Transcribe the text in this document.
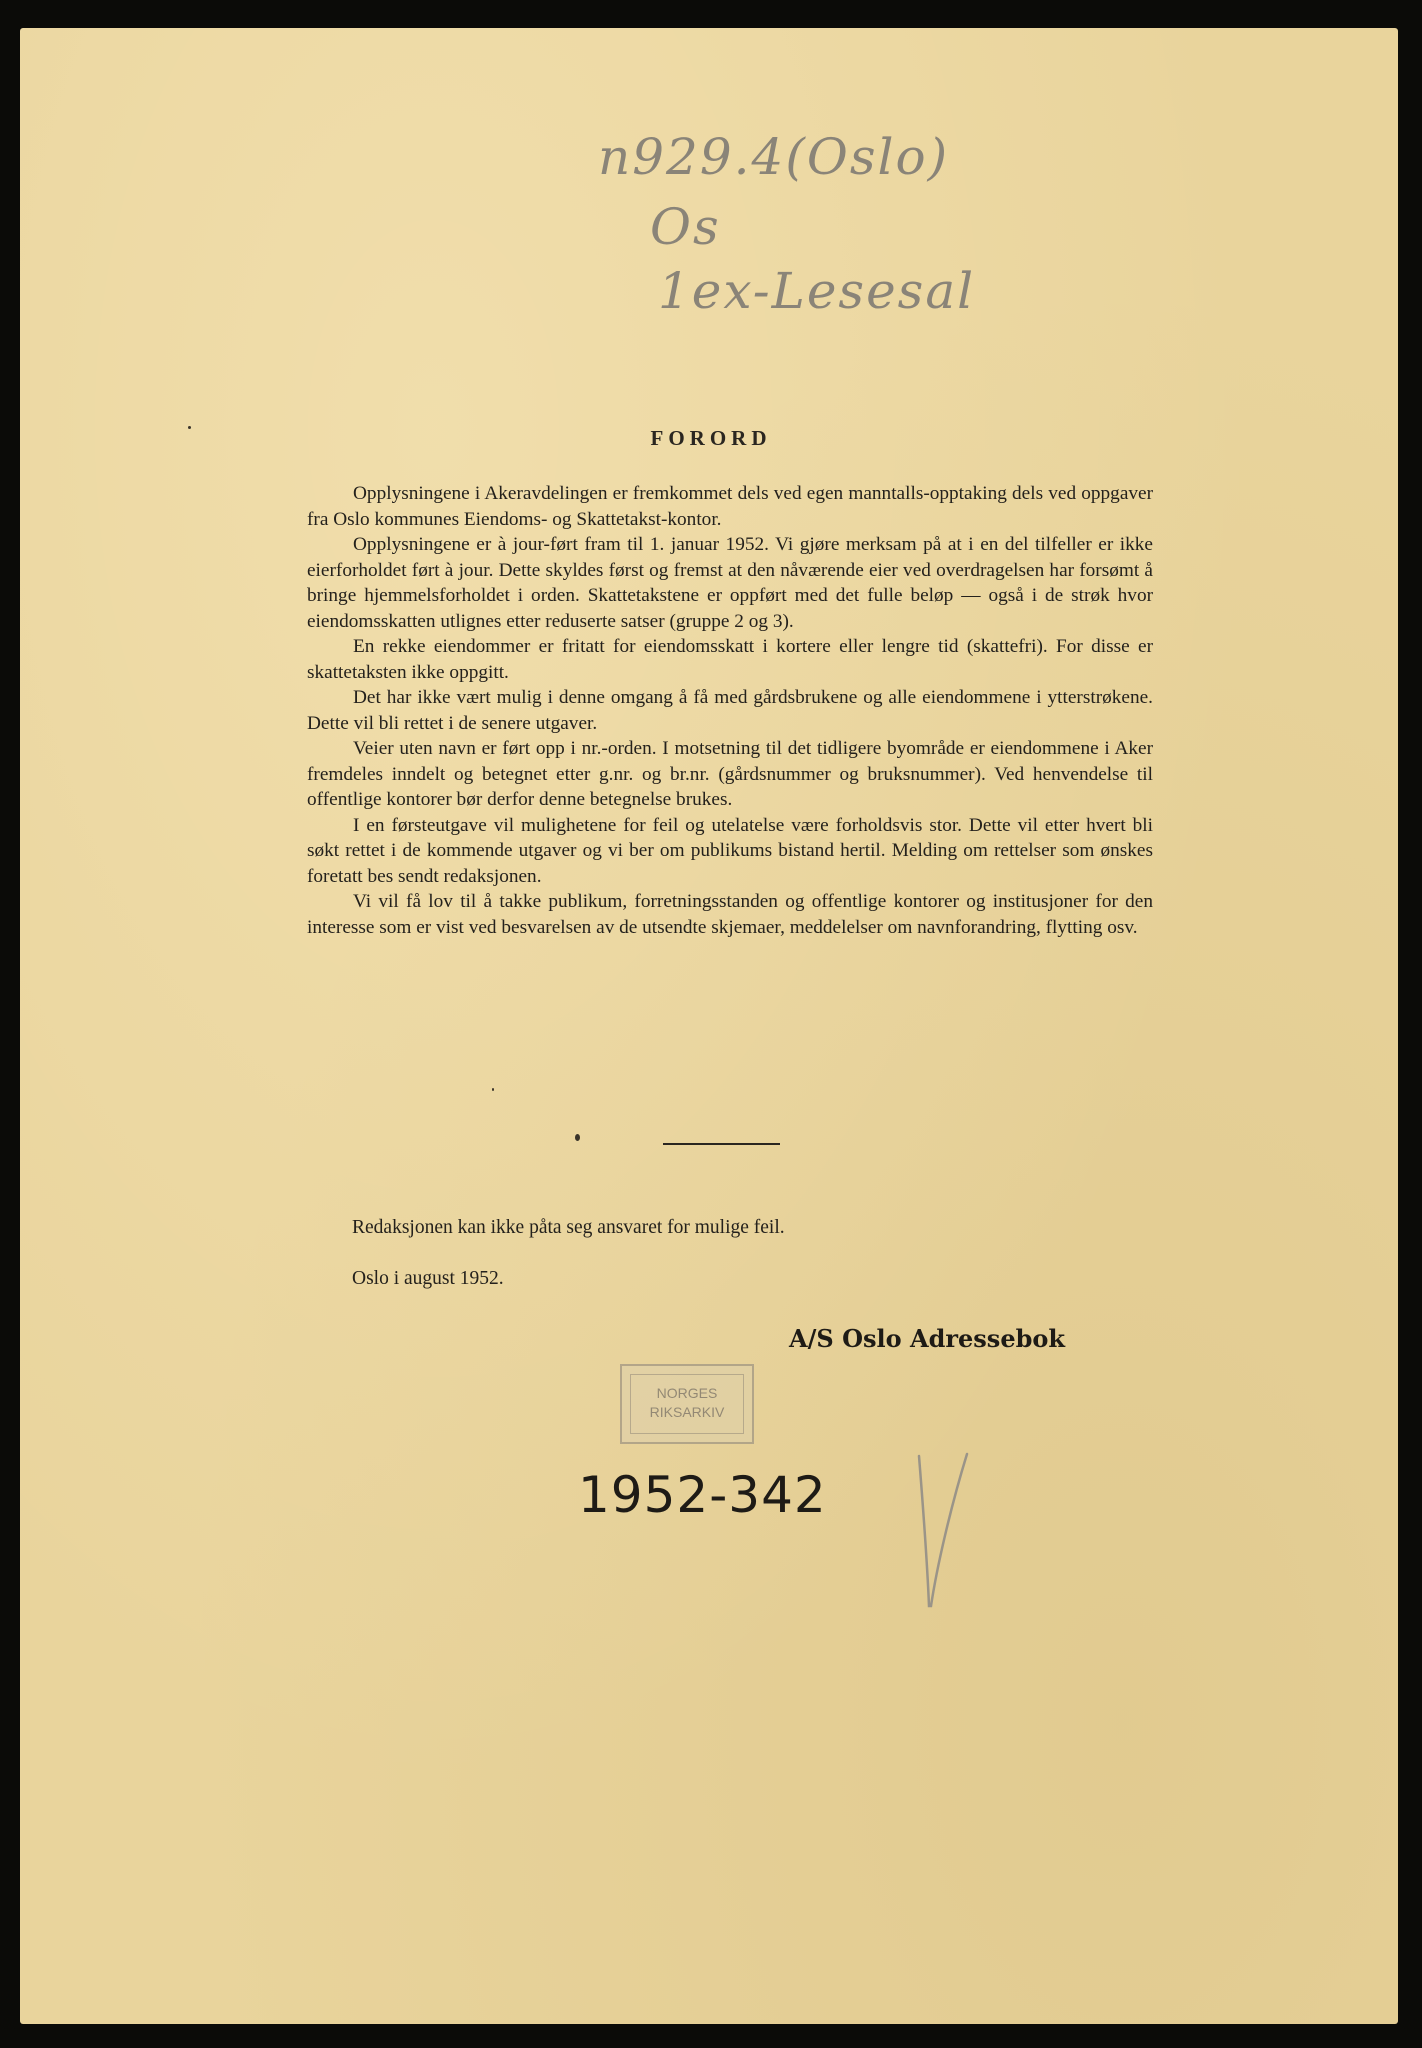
n929.4(Oslo)
Os
1ex-Lesesal
FORORD

Opplysningene i Akeravdelingen er fremkommet dels ved egen manntalls-opptaking dels ved oppgaver fra Oslo kommunes Eiendoms- og Skattetakst-kontor.

Opplysningene er à jour-ført fram til 1. januar 1952. Vi gjøre merksam på at i en del tilfeller er ikke eierforholdet ført à jour. Dette skyldes først og fremst at den nåværende eier ved overdragelsen har forsømt å bringe hjemmelsforholdet i orden. Skattetakstene er oppført med det fulle beløp — også i de strøk hvor eiendomsskatten utlignes etter reduserte satser (gruppe 2 og 3).

En rekke eiendommer er fritatt for eiendomsskatt i kortere eller lengre tid (skattefri). For disse er skattetaksten ikke oppgitt.

Det har ikke vært mulig i denne omgang å få med gårdsbrukene og alle eiendommene i ytterstrøkene. Dette vil bli rettet i de senere utgaver.

Veier uten navn er ført opp i nr.-orden. I motsetning til det tidligere byområde er eiendommene i Aker fremdeles inndelt og betegnet etter g.nr. og br.nr. (gårdsnummer og bruksnummer). Ved henvendelse til offentlige kontorer bør derfor denne betegnelse brukes.

I en førsteutgave vil mulighetene for feil og utelatelse være forholdsvis stor. Dette vil etter hvert bli søkt rettet i de kommende utgaver og vi ber om publikums bistand hertil. Melding om rettelser som ønskes foretatt bes sendt redaksjonen.

Vi vil få lov til å takke publikum, forretningsstanden og offentlige kontorer og institusjoner for den interesse som er vist ved besvarelsen av de utsendte skjemaer, meddelelser om navnforandring, flytting osv.

Redaksjonen kan ikke påta seg ansvaret for mulige feil.
Oslo i august 1952.
A/S Oslo Adressebok
NORGES
RIKSARKIV
1952-342
